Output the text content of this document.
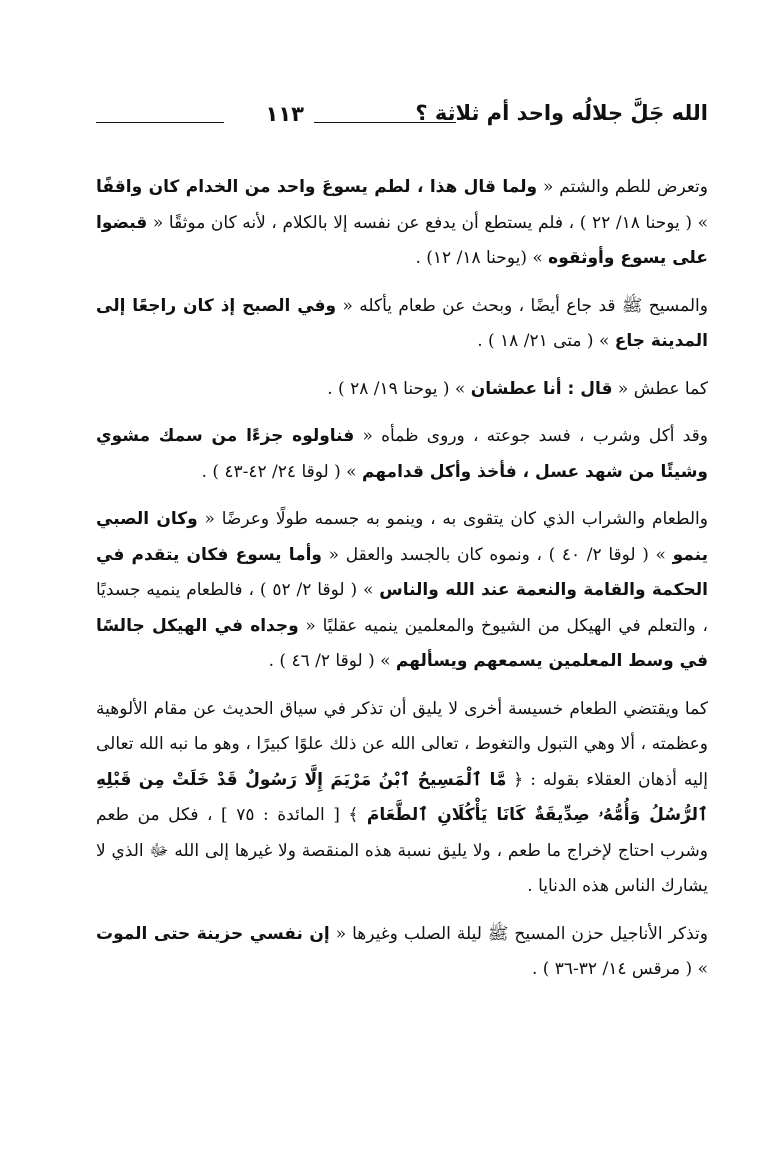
الله جَلَّ جلالُه واحد أم ثلاثة ؟
١١٣

وتعرض للطم والشتم « ولما قال هذا ، لطم يسوعَ واحد من الخدام كان واقفًا » ( يوحنا ١٨/ ٢٢ ) ، فلم يستطع أن يدفع عن نفسه إلا بالكلام ، لأنه كان موثقًا « قبضوا على يسوع وأوثقوه » (يوحنا ١٨/ ١٢) .

والمسيح ﷺ قد جاع أيضًا ، وبحث عن طعام يأكله « وفي الصبح إذ كان راجعًا إلى المدينة جاع » ( متى ٢١/ ١٨ ) .

كما عطش « قال : أنا عطشان » ( يوحنا ١٩/ ٢٨ ) .

وقد أكل وشرب ، فسد جوعته ، وروى ظمأه « فناولوه جزءًا من سمك مشوي وشيئًا من شهد عسل ، فأخذ وأكل قدامهم » ( لوقا ٢٤/ ٤٢-٤٣ ) .

والطعام والشراب الذي كان يتقوى به ، وينمو به جسمه طولًا وعرضًا « وكان الصبي ينمو » ( لوقا ٢/ ٤٠ ) ، ونموه كان بالجسد والعقل « وأما يسوع فكان يتقدم في الحكمة والقامة والنعمة عند الله والناس » ( لوقا ٢/ ٥٢ ) ، فالطعام ينميه جسديًا ، والتعلم في الهيكل من الشيوخ والمعلمين ينميه عقليًا « وجداه في الهيكل جالسًا في وسط المعلمين يسمعهم ويسألهم » ( لوقا ٢/ ٤٦ ) .

كما ويقتضي الطعام خسيسة أخرى لا يليق أن تذكر في سياق الحديث عن مقام الألوهية وعظمته ، ألا وهي التبول والتغوط ، تعالى الله عن ذلك علوًا كبيرًا ، وهو ما نبه الله تعالى إليه أذهان العقلاء بقوله : ﴿ مَّا ٱلْمَسِيحُ ٱبْنُ مَرْيَمَ إِلَّا رَسُولٌ قَدْ خَلَتْ مِن قَبْلِهِ ٱلرُّسُلُ وَأُمُّهُۥ صِدِّيقَةٌ كَانَا يَأْكُلَانِ ٱلطَّعَامَ ﴾ [ المائدة : ٧٥ ] ، فكل من طعم وشرب احتاج لإخراج ما طعم ، ولا يليق نسبة هذه المنقصة ولا غيرها إلى الله ﷻ الذي لا يشارك الناس هذه الدنايا .

وتذكر الأناجيل حزن المسيح ﷺ ليلة الصلب وغيرها « إن نفسي حزينة حتى الموت » ( مرقس ١٤/ ٣٢-٣٦ ) .
